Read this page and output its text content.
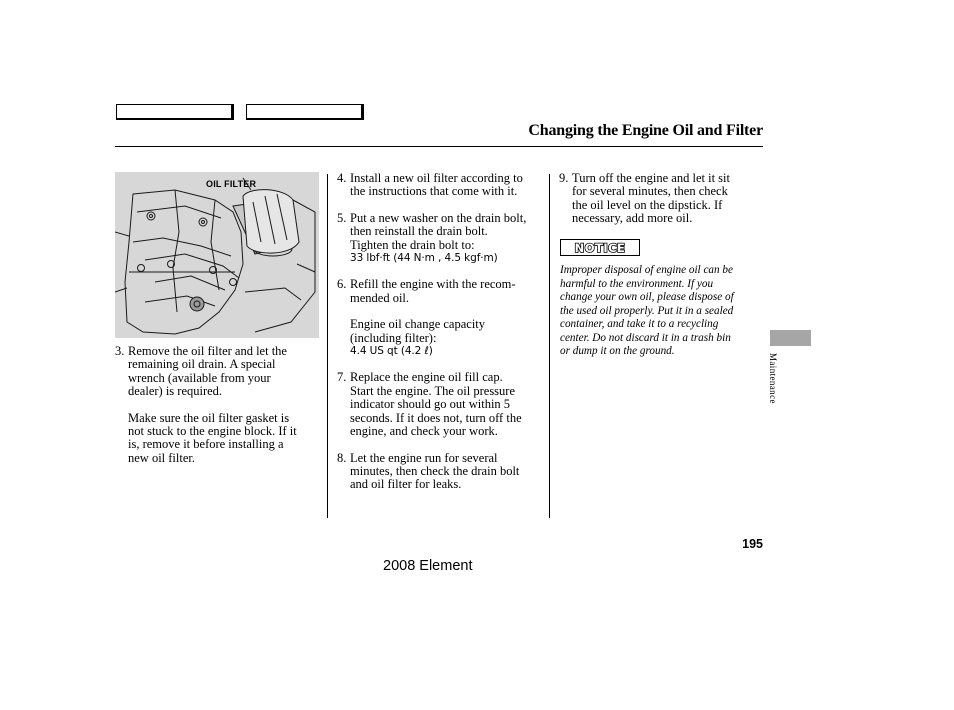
Changing the Engine Oil and Filter
OIL FILTER
3. Remove the oil filter and let the
remaining oil drain. A special
wrench (available from your
dealer) is required.
Make sure the oil filter gasket is
not stuck to the engine block. If it
is, remove it before installing a
new oil filter.
4. Install a new oil filter according to
the instructions that come with it.
5. Put a new washer on the drain bolt,
then reinstall the drain bolt.
Tighten the drain bolt to:
33 lbf·ft (44 N·m , 4.5 kgf·m)
6. Refill the engine with the recom-
mended oil.
Engine oil change capacity
(including filter):
4.4 US qt (4.2 ℓ)
7. Replace the engine oil fill cap.
Start the engine. The oil pressure
indicator should go out within 5
seconds. If it does not, turn off the
engine, and check your work.
8. Let the engine run for several
minutes, then check the drain bolt
and oil filter for leaks.
9. Turn off the engine and let it sit
for several minutes, then check
the oil level on the dipstick. If
necessary, add more oil.
NOTICE
Improper disposal of engine oil can be
harmful to the environment. If you
change your own oil, please dispose of
the used oil properly. Put it in a sealed
container, and take it to a recycling
center. Do not discard it in a trash bin
or dump it on the ground.
Maintenance
195
2008 Element
